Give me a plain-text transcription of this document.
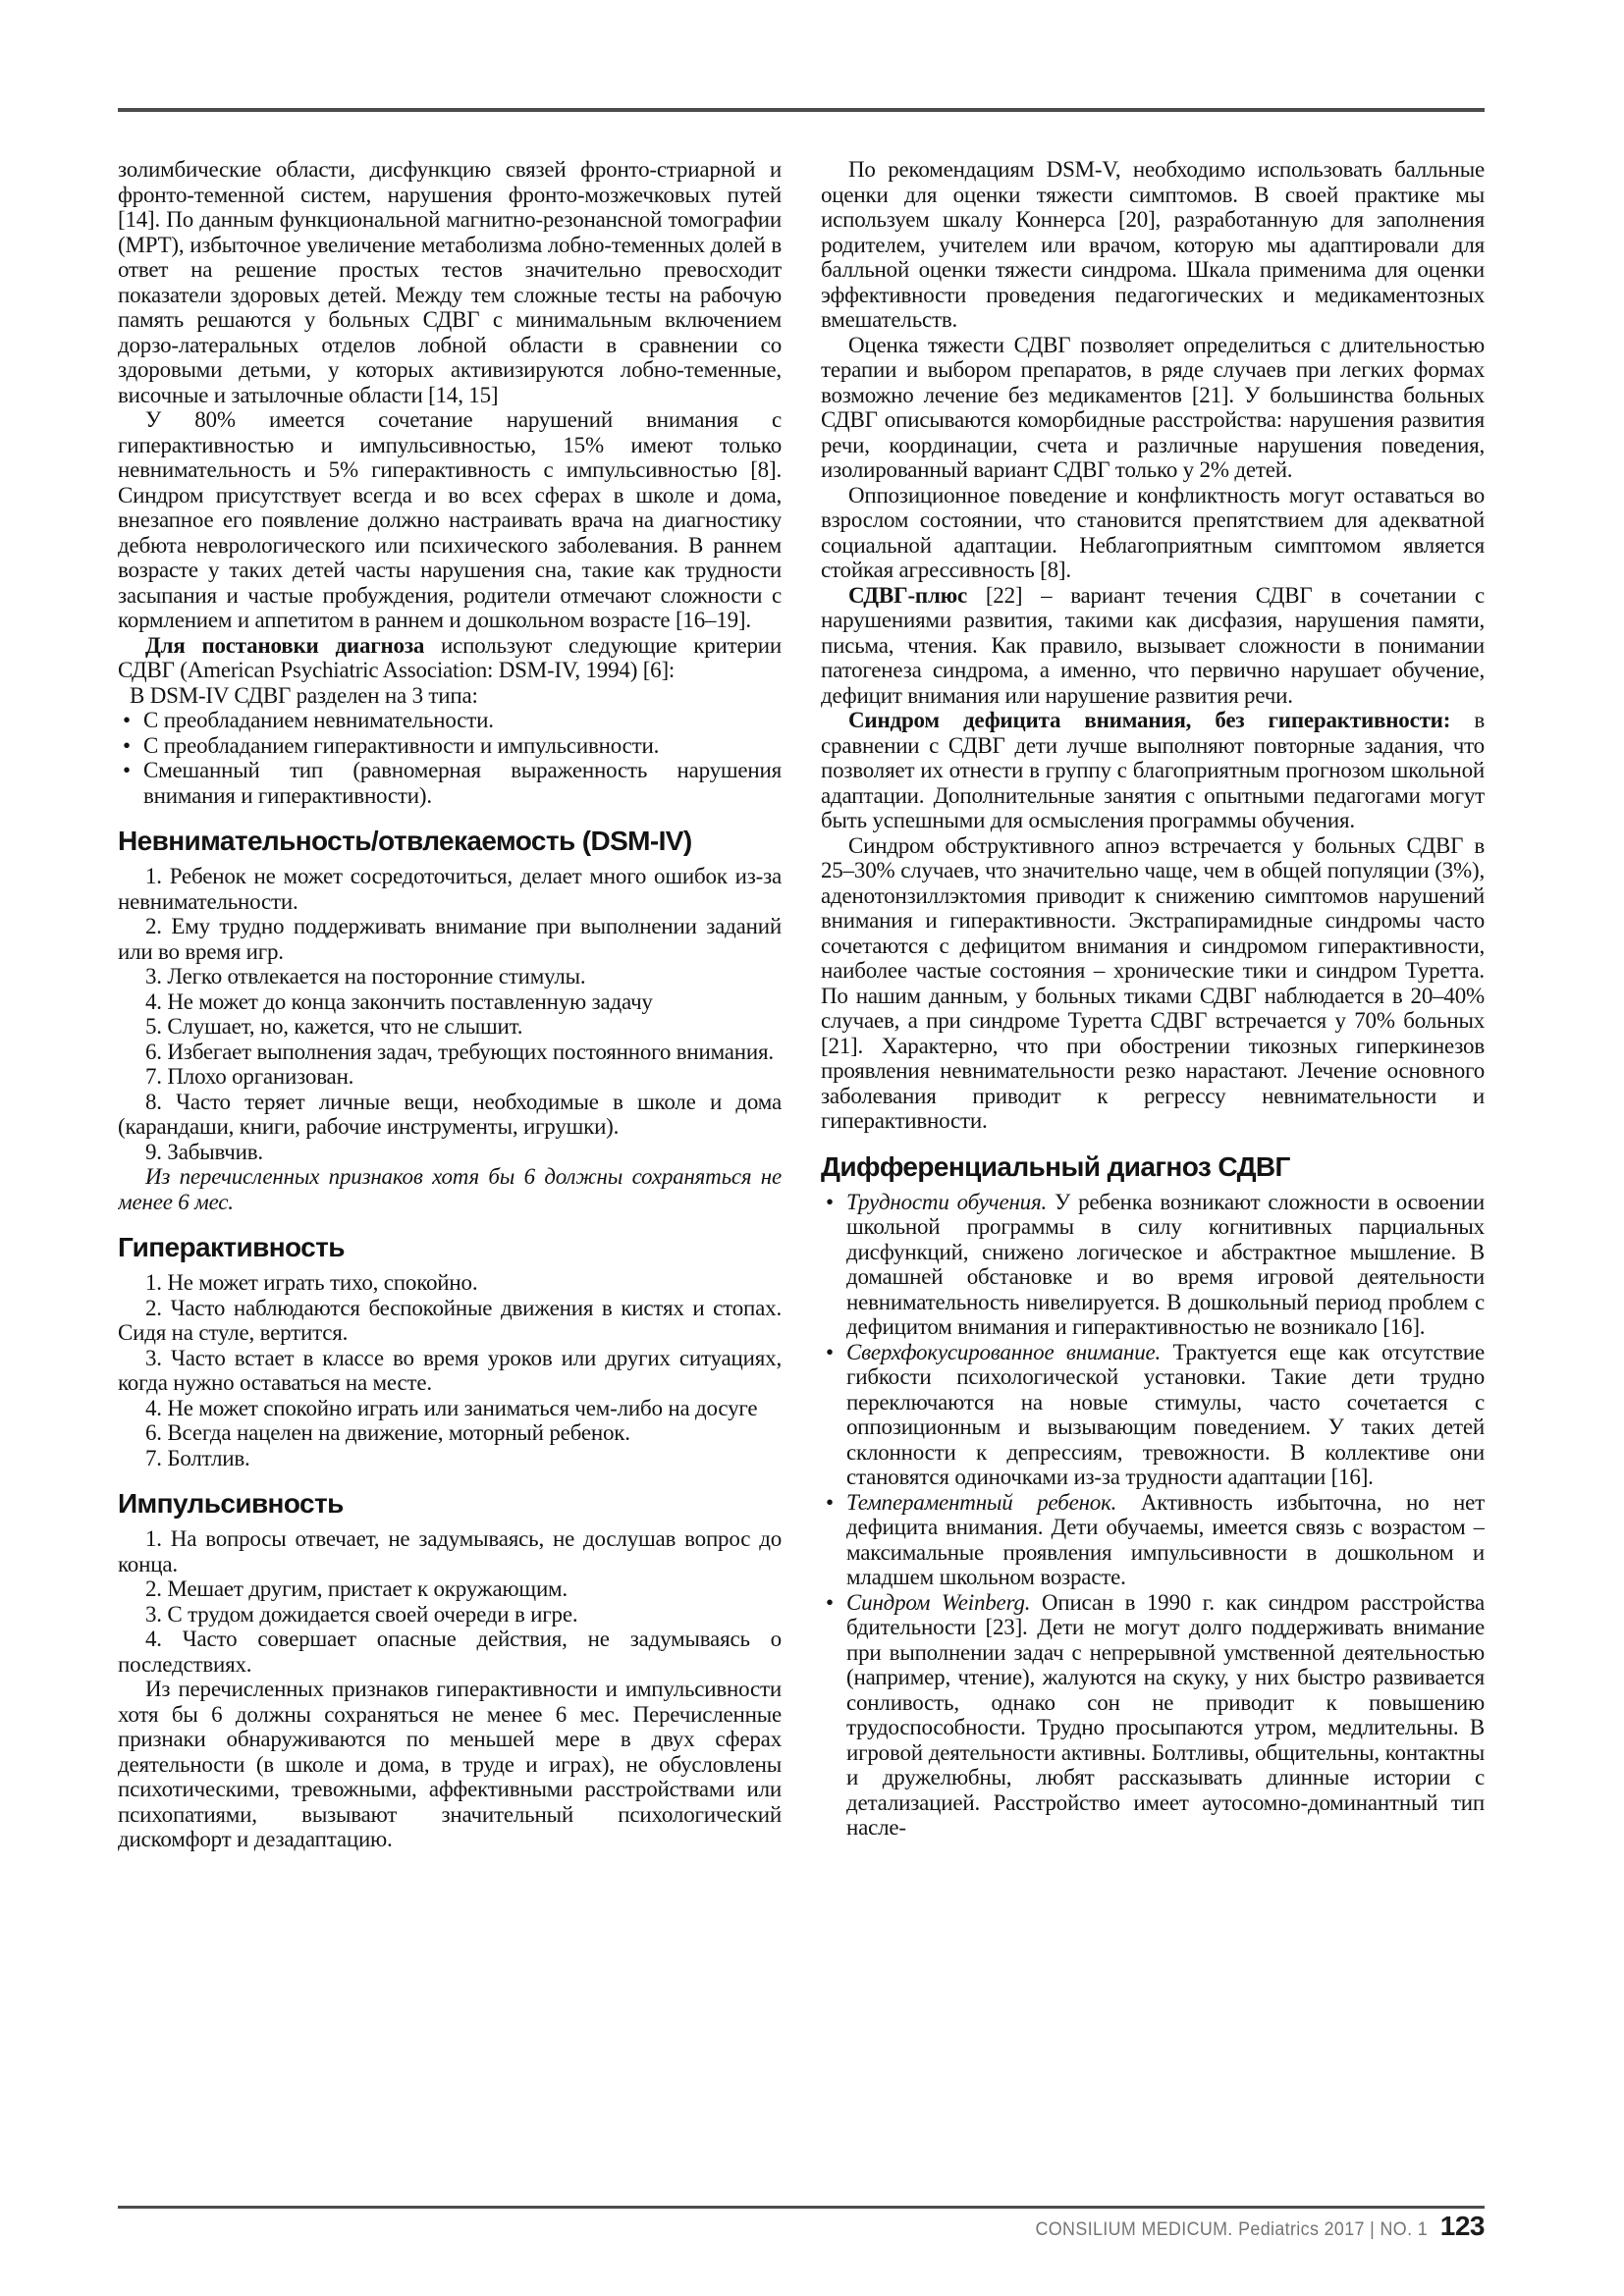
золимбические области, дисфункцию связей фронто-стриарной и фронто-теменной систем, нарушения фронто-мозжечковых путей [14]. По данным функциональной магнитно-резонансной томографии (МРТ), избыточное увеличение метаболизма лобно-теменных долей в ответ на решение простых тестов значительно превосходит показатели здоровых детей. Между тем сложные тесты на рабочую память решаются у больных СДВГ с минимальным включением дорзо-латеральных отделов лобной области в сравнении со здоровыми детьми, у которых активизируются лобно-теменные, височные и затылочные области [14, 15]

У 80% имеется сочетание нарушений внимания с гиперактивностью и импульсивностью, 15% имеют только невнимательность и 5% гиперактивность с импульсивностью [8]. Синдром присутствует всегда и во всех сферах в школе и дома, внезапное его появление должно настраивать врача на диагностику дебюта неврологического или психического заболевания. В раннем возрасте у таких детей часты нарушения сна, такие как трудности засыпания и частые пробуждения, родители отмечают сложности с кормлением и аппетитом в раннем и дошкольном возрасте [16–19].

Для постановки диагноза используют следующие критерии СДВГ (American Psychiatric Association: DSM-IV, 1994) [6]:

В DSM-IV СДВГ разделен на 3 типа:

• С преобладанием невнимательности.
• С преобладанием гиперактивности и импульсивности.
• Смешанный тип (равномерная выраженность нарушения внимания и гиперактивности).
Невнимательность/отвлекаемость (DSM-IV)

1. Ребенок не может сосредоточиться, делает много ошибок из-за невнимательности.

2. Ему трудно поддерживать внимание при выполнении заданий или во время игр.

3. Легко отвлекается на посторонние стимулы.

4. Не может до конца закончить поставленную задачу

5. Слушает, но, кажется, что не слышит.

6. Избегает выполнения задач, требующих постоянного внимания.

7. Плохо организован.

8. Часто теряет личные вещи, необходимые в школе и дома (карандаши, книги, рабочие инструменты, игрушки).

9. Забывчив.

Из перечисленных признаков хотя бы 6 должны сохраняться не менее 6 мес.

Гиперактивность

1. Не может играть тихо, спокойно.

2. Часто наблюдаются беспокойные движения в кистях и стопах. Сидя на стуле, вертится.

3. Часто встает в классе во время уроков или других ситуациях, когда нужно оставаться на месте.

4. Не может спокойно играть или заниматься чем-либо на досуге

6. Всегда нацелен на движение, моторный ребенок.

7. Болтлив.

Импульсивность

1. На вопросы отвечает, не задумываясь, не дослушав вопрос до конца.

2. Мешает другим, пристает к окружающим.

3. С трудом дожидается своей очереди в игре.

4. Часто совершает опасные действия, не задумываясь о последствиях.

Из перечисленных признаков гиперактивности и импульсивности хотя бы 6 должны сохраняться не менее 6 мес. Перечисленные признаки обнаруживаются по меньшей мере в двух сферах деятельности (в школе и дома, в труде и играх), не обусловлены психотическими, тревожными, аффективными расстройствами или психопатиями, вызывают значительный психологический дискомфорт и дезадаптацию.

По рекомендациям DSM-V, необходимо использовать балльные оценки для оценки тяжести симптомов. В своей практике мы используем шкалу Коннерса [20], разработанную для заполнения родителем, учителем или врачом, которую мы адаптировали для балльной оценки тяжести синдрома. Шкала применима для оценки эффективности проведения педагогических и медикаментозных вмешательств.

Оценка тяжести СДВГ позволяет определиться с длительностью терапии и выбором препаратов, в ряде случаев при легких формах возможно лечение без медикаментов [21]. У большинства больных СДВГ описываются коморбидные расстройства: нарушения развития речи, координации, счета и различные нарушения поведения, изолированный вариант СДВГ только у 2% детей.

Оппозиционное поведение и конфликтность могут оставаться во взрослом состоянии, что становится препятствием для адекватной социальной адаптации. Неблагоприятным симптомом является стойкая агрессивность [8].

СДВГ-плюс [22] – вариант течения СДВГ в сочетании с нарушениями развития, такими как дисфазия, нарушения памяти, письма, чтения. Как правило, вызывает сложности в понимании патогенеза синдрома, а именно, что первично нарушает обучение, дефицит внимания или нарушение развития речи.

Синдром дефицита внимания, без гиперактивности: в сравнении с СДВГ дети лучше выполняют повторные задания, что позволяет их отнести в группу с благоприятным прогнозом школьной адаптации. Дополнительные занятия с опытными педагогами могут быть успешными для осмысления программы обучения.

Синдром обструктивного апноэ встречается у больных СДВГ в 25–30% случаев, что значительно чаще, чем в общей популяции (3%), аденотонзиллэктомия приводит к снижению симптомов нарушений внимания и гиперактивности. Экстрапирамидные синдромы часто сочетаются с дефицитом внимания и синдромом гиперактивности, наиболее частые состояния – хронические тики и синдром Туретта. По нашим данным, у больных тиками СДВГ наблюдается в 20–40% случаев, а при синдроме Туретта СДВГ встречается у 70% больных [21]. Характерно, что при обострении тикозных гиперкинезов проявления невнимательности резко нарастают. Лечение основного заболевания приводит к регрессу невнимательности и гиперактивности.

Дифференциальный диагноз СДВГ
• Трудности обучения. У ребенка возникают сложности в освоении школьной программы в силу когнитивных парциальных дисфункций, снижено логическое и абстрактное мышление. В домашней обстановке и во время игровой деятельности невнимательность нивелируется. В дошкольный период проблем с дефицитом внимания и гиперактивностью не возникало [16].
• Сверхфокусированное внимание. Трактуется еще как отсутствие гибкости психологической установки. Такие дети трудно переключаются на новые стимулы, часто сочетается с оппозиционным и вызывающим поведением. У таких детей склонности к депрессиям, тревожности. В коллективе они становятся одиночками из-за трудности адаптации [16].
• Темпераментный ребенок. Активность избыточна, но нет дефицита внимания. Дети обучаемы, имеется связь с возрастом – максимальные проявления импульсивности в дошкольном и младшем школьном возрасте.
• Синдром Weinberg. Описан в 1990 г. как синдром расстройства бдительности [23]. Дети не могут долго поддерживать внимание при выполнении задач с непрерывной умственной деятельностью (например, чтение), жалуются на скуку, у них быстро развивается сонливость, однако сон не приводит к повышению трудоспособности. Трудно просыпаются утром, медлительны. В игровой деятельности активны. Болтливы, общительны, контактны и дружелюбны, любят рассказывать длинные истории с детализацией. Расстройство имеет аутосомно-доминантный тип насле-
CONSILIUM MEDICUM. Pediatrics 2017 | NO. 1 123
